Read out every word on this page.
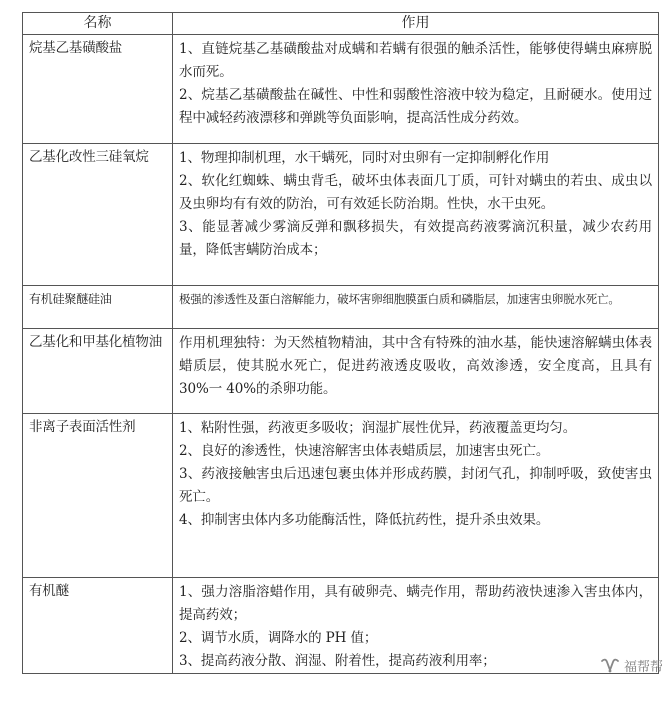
名称	作用
烷基乙基磺酸盐	1、直链烷基乙基磺酸盐对成螨和若螨有很强的触杀活性，能够使得螨虫麻痹脱水而死。
2、烷基乙基磺酸盐在碱性、中性和弱酸性溶液中较为稳定，且耐硬水。使用过程中减轻药液漂移和弹跳等负面影响，提高活性成分药效。

乙基化改性三硅氧烷	1、物理抑制机理，水干螨死，同时对虫卵有一定抑制孵化作用
2、软化红蜘蛛、螨虫背毛，破坏虫体表面几丁质，可针对螨虫的若虫、成虫以及虫卵均有有效的防治，可有效延长防治期。性快，水干虫死。
3、能显著减少雾滴反弹和飘移损失，有效提高药液雾滴沉积量，减少农药用量，降低害螨防治成本；

有机硅聚醚硅油	极强的渗透性及蛋白溶解能力，破坏害卵细胞膜蛋白质和磷脂层，加速害虫卵脱水死亡。

乙基化和甲基化植物油	作用机理独特：为天然植物精油，其中含有特殊的油水基，能快速溶解螨虫体表蜡质层，使其脱水死亡，促进药液透皮吸收，高效渗透，安全度高，且具有 30%一 40%的杀卵功能。

非离子表面活性剂	1、粘附性强，药液更多吸收；润湿扩展性优异，药液覆盖更均匀。
2、良好的渗透性，快速溶解害虫体表蜡质层，加速害虫死亡。
3、药液接触害虫后迅速包裹虫体并形成药膜，封闭气孔，抑制呼吸，致使害虫死亡。
4、抑制害虫体内多功能酶活性，降低抗药性，提升杀虫效果。

有机醚	1、强力溶脂溶蜡作用，具有破卵壳、螨壳作用，帮助药液快速渗入害虫体内，提高药效；
2、调节水质，调降水的 PH 值；
3、提高药液分散、润湿、附着性，提高药液利用率；	福帮帮
